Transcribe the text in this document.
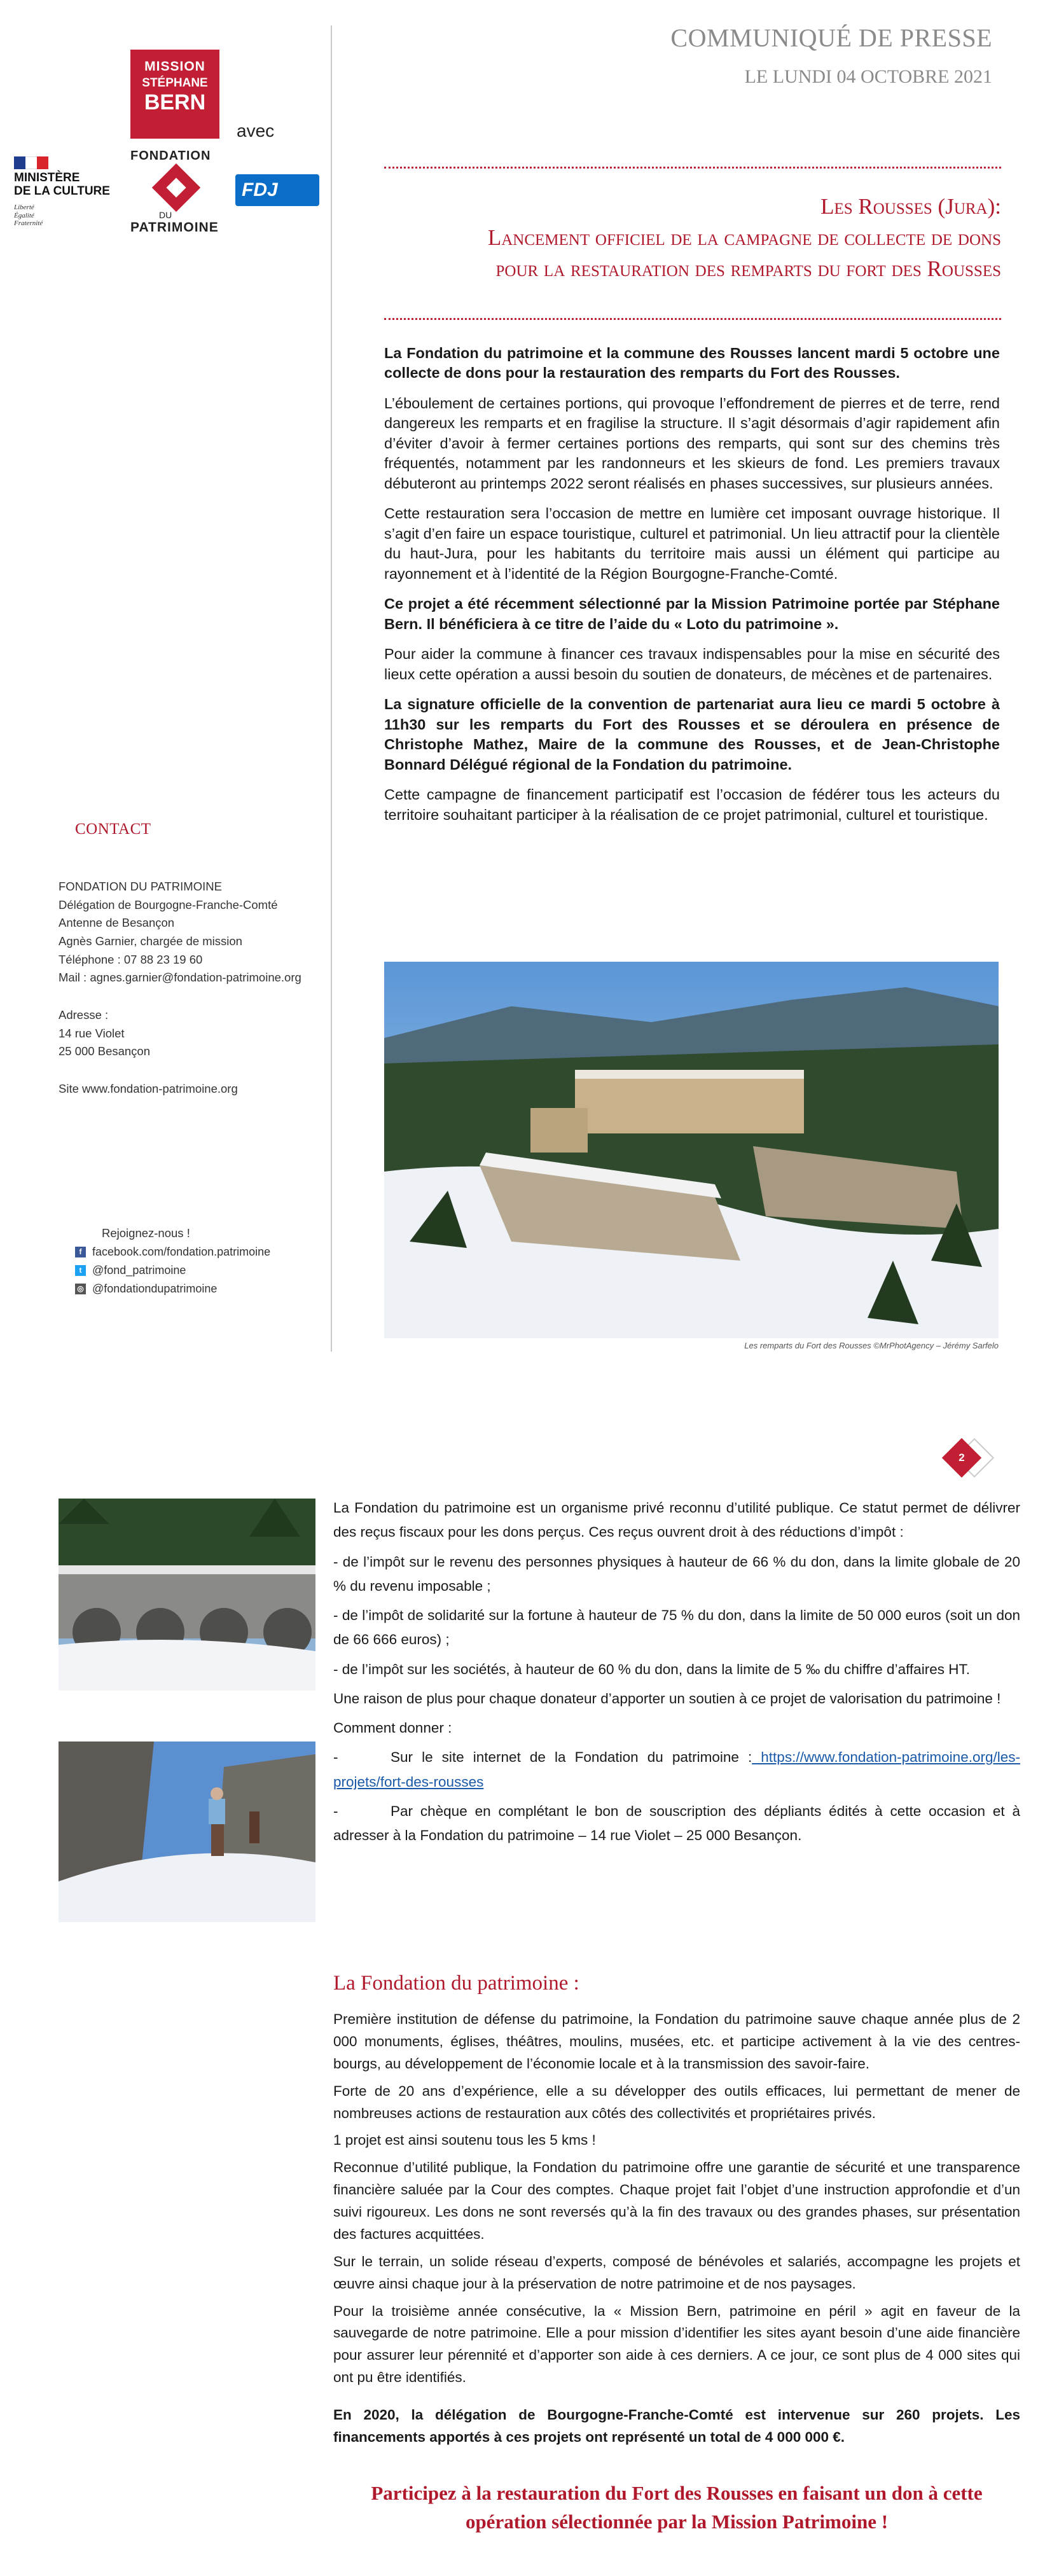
COMMUNIQUÉ DE PRESSE
LE LUNDI 04 OCTOBRE 2021
MISSION
STÉPHANE
BERN
avec
FONDATION
DU
PATRIMOINE
MINISTÈRE
DE LA CULTURE
Liberté
Égalité
Fraternité
FDJ
Les Rousses (Jura):
Lancement officiel de la campagne de collecte de dons
pour la restauration des remparts du fort des Rousses

La Fondation du patrimoine et la commune des Rousses lancent mardi 5 octobre une collecte de dons pour la restauration des remparts du Fort des Rousses.

L’éboulement de certaines portions, qui provoque l’effondrement de pierres et de terre, rend dangereux les remparts et en fragilise la structure. Il s’agit désormais d’agir rapidement afin d’éviter d’avoir à fermer certaines portions des remparts, qui sont sur des chemins très fréquentés, notamment par les randonneurs et les skieurs de fond. Les premiers travaux débuteront au printemps 2022 seront réalisés en phases successives, sur plusieurs années.

Cette restauration sera l’occasion de mettre en lumière cet imposant ouvrage historique. Il s’agit d’en faire un espace touristique, culturel et patrimonial. Un lieu attractif pour la clientèle du haut-Jura, pour les habitants du territoire mais aussi un élément qui participe au rayonnement et à l’identité de la Région Bourgogne-Franche-Comté.

Ce projet a été récemment sélectionné par la Mission Patrimoine portée par Stéphane Bern. Il bénéficiera à ce titre de l’aide du « Loto du patrimoine ».

Pour aider la commune à financer ces travaux indispensables pour la mise en sécurité des lieux cette opération a aussi besoin du soutien de donateurs, de mécènes et de partenaires.

La signature officielle de la convention de partenariat aura lieu ce mardi 5 octobre à 11h30 sur les remparts du Fort des Rousses et se déroulera en présence de Christophe Mathez, Maire de la commune des Rousses, et de Jean-Christophe Bonnard Délégué régional de la Fondation du patrimoine.

Cette campagne de financement participatif est l’occasion de fédérer tous les acteurs du territoire souhaitant participer à la réalisation de ce projet patrimonial, culturel et touristique.

Les remparts du Fort des Rousses ©MrPhotAgency – Jérémy Sarfelo
CONTACT
FONDATION DU PATRIMOINE
Délégation de Bourgogne-Franche-Comté
Antenne de Besançon
Agnès Garnier, chargée de mission
Téléphone : 07 88 23 19 60
Mail : agnes.garnier@fondation-patrimoine.org
Adresse :
14 rue Violet
25 000 Besançon
Site www.fondation-patrimoine.org
Rejoignez-nous !
f facebook.com/fondation.patrimoine
t @fond_patrimoine
◎ @fondationdupatrimoine
2

La Fondation du patrimoine est un organisme privé reconnu d’utilité publique. Ce statut permet de délivrer des reçus fiscaux pour les dons perçus. Ces reçus ouvrent droit à des réductions d’impôt :

- de l’impôt sur le revenu des personnes physiques à hauteur de 66 % du don, dans la limite globale de 20 % du revenu imposable ;

- de l’impôt de solidarité sur la fortune à hauteur de 75 % du don, dans la limite de 50 000 euros (soit un don de 66 666 euros) ;

- de l’impôt sur les sociétés, à hauteur de 60 % du don, dans la limite de 5 ‰ du chiffre d’affaires HT.

Une raison de plus pour chaque donateur d’apporter un soutien à ce projet de valorisation du patrimoine !

Comment donner :

-	Sur le site internet de la Fondation du patrimoine : https://www.fondation-patrimoine.org/les-projets/fort-des-rousses

-	Par chèque en complétant le bon de souscription des dépliants édités à cette occasion et à adresser à la Fondation du patrimoine – 14 rue Violet – 25 000 Besançon.

La Fondation du patrimoine :

Première institution de défense du patrimoine, la Fondation du patrimoine sauve chaque année plus de 2 000 monuments, églises, théâtres, moulins, musées, etc. et participe activement à la vie des centres-bourgs, au développement de l’économie locale et à la transmission des savoir-faire.

Forte de 20 ans d’expérience, elle a su développer des outils efficaces, lui permettant de mener de nombreuses actions de restauration aux côtés des collectivités et propriétaires privés.

1 projet est ainsi soutenu tous les 5 kms !

Reconnue d’utilité publique, la Fondation du patrimoine offre une garantie de sécurité et une transparence financière saluée par la Cour des comptes. Chaque projet fait l’objet d’une instruction approfondie et d’un suivi rigoureux. Les dons ne sont reversés qu’à la fin des travaux ou des grandes phases, sur présentation des factures acquittées.

Sur le terrain, un solide réseau d’experts, composé de bénévoles et salariés, accompagne les projets et œuvre ainsi chaque jour à la préservation de notre patrimoine et de nos paysages.

Pour la troisième année consécutive, la « Mission Bern, patrimoine en péril » agit en faveur de la sauvegarde de notre patrimoine. Elle a pour mission d’identifier les sites ayant besoin d’une aide financière pour assurer leur pérennité et d’apporter son aide à ces derniers. A ce jour, ce sont plus de 4 000 sites qui ont pu être identifiés.

En 2020, la délégation de Bourgogne-Franche-Comté est intervenue sur 260 projets. Les financements apportés à ces projets ont représenté un total de 4 000 000 €.

Participez à la restauration du Fort des Rousses en faisant un don à cette opération sélectionnée par la Mission Patrimoine !
